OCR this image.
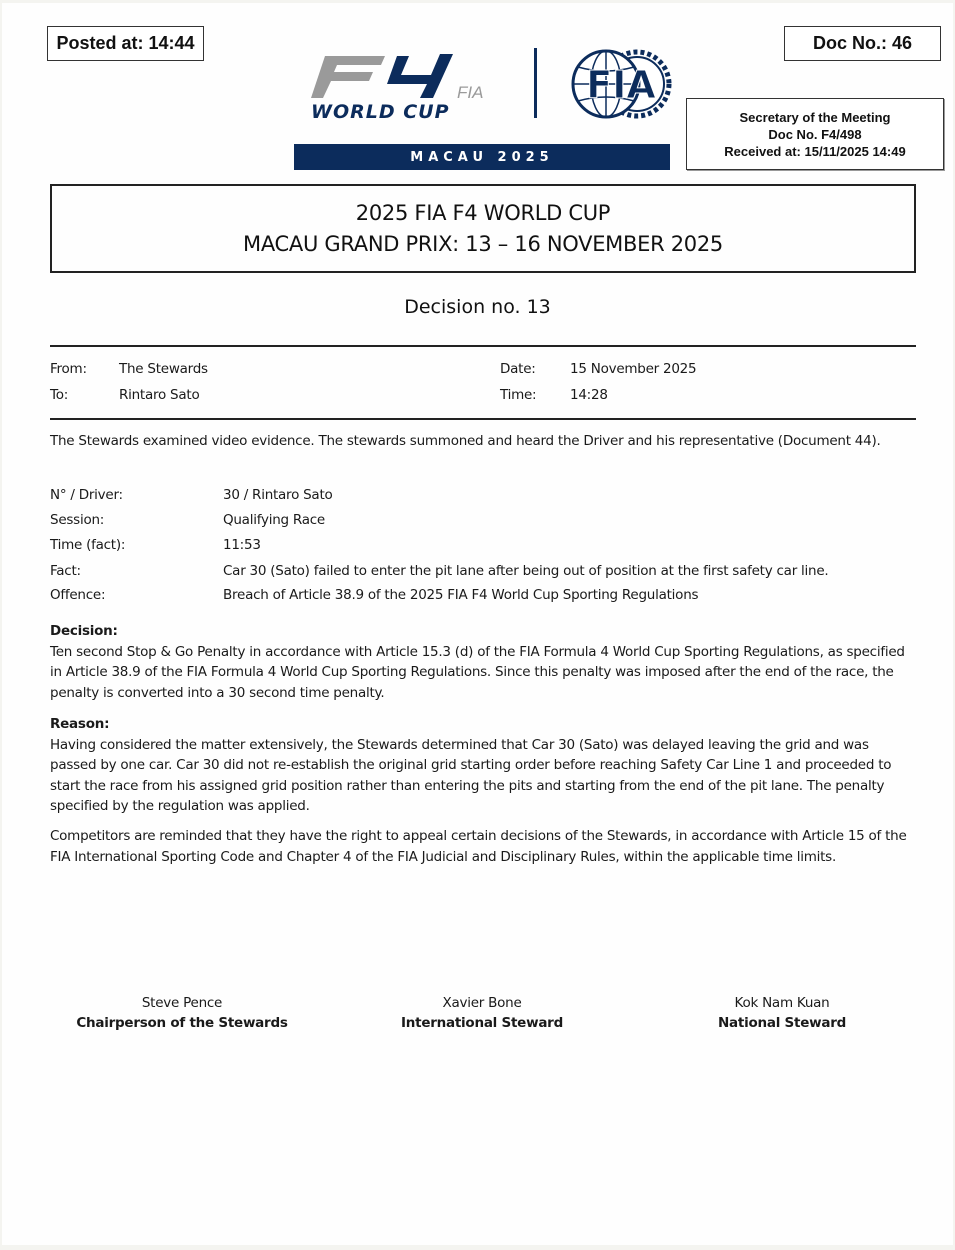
Posted at: 14:44	Doc No.: 46
FIA
WORLD CUP
FIA
MACAU 2025
Secretary of the Meeting
Doc No. F4/498
Received at: 15/11/2025 14:49
2025 FIA F4 WORLD CUP
MACAU GRAND PRIX: 13 – 16 NOVEMBER 2025
Decision no. 13
From: The Stewards
To:	Rintaro Sato
Date:	15 November 2025
Time: 14:28
The Stewards examined video evidence. The stewards summoned and heard the Driver and his representative (Document 44).
N° / Driver:	30 / Rintaro Sato
Session:	Qualifying Race
Time (fact):	11:53
Fact:	Car 30 (Sato) failed to enter the pit lane after being out of position at the first safety car line.
Offence:	Breach of Article 38.9 of the 2025 FIA F4 World Cup Sporting Regulations
Decision:
Ten second Stop & Go Penalty in accordance with Article 15.3 (d) of the FIA Formula 4 World Cup Sporting Regulations, as specified in Article 38.9 of the FIA Formula 4 World Cup Sporting Regulations. Since this penalty was imposed after the end of the race, the penalty is converted into a 30 second time penalty.
Reason:
Having considered the matter extensively, the Stewards determined that Car 30 (Sato) was delayed leaving the grid and was passed by one car. Car 30 did not re-establish the original grid starting order before reaching Safety Car Line 1 and proceeded to start the race from his assigned grid position rather than entering the pits and starting from the end of the pit lane. The penalty specified by the regulation was applied.
Competitors are reminded that they have the right to appeal certain decisions of the Stewards, in accordance with Article 15 of the FIA International Sporting Code and Chapter 4 of the FIA Judicial and Disciplinary Rules, within the applicable time limits.
Steve Pence
Chairperson of the Stewards
Xavier Bone
International Steward
Kok Nam Kuan
National Steward
